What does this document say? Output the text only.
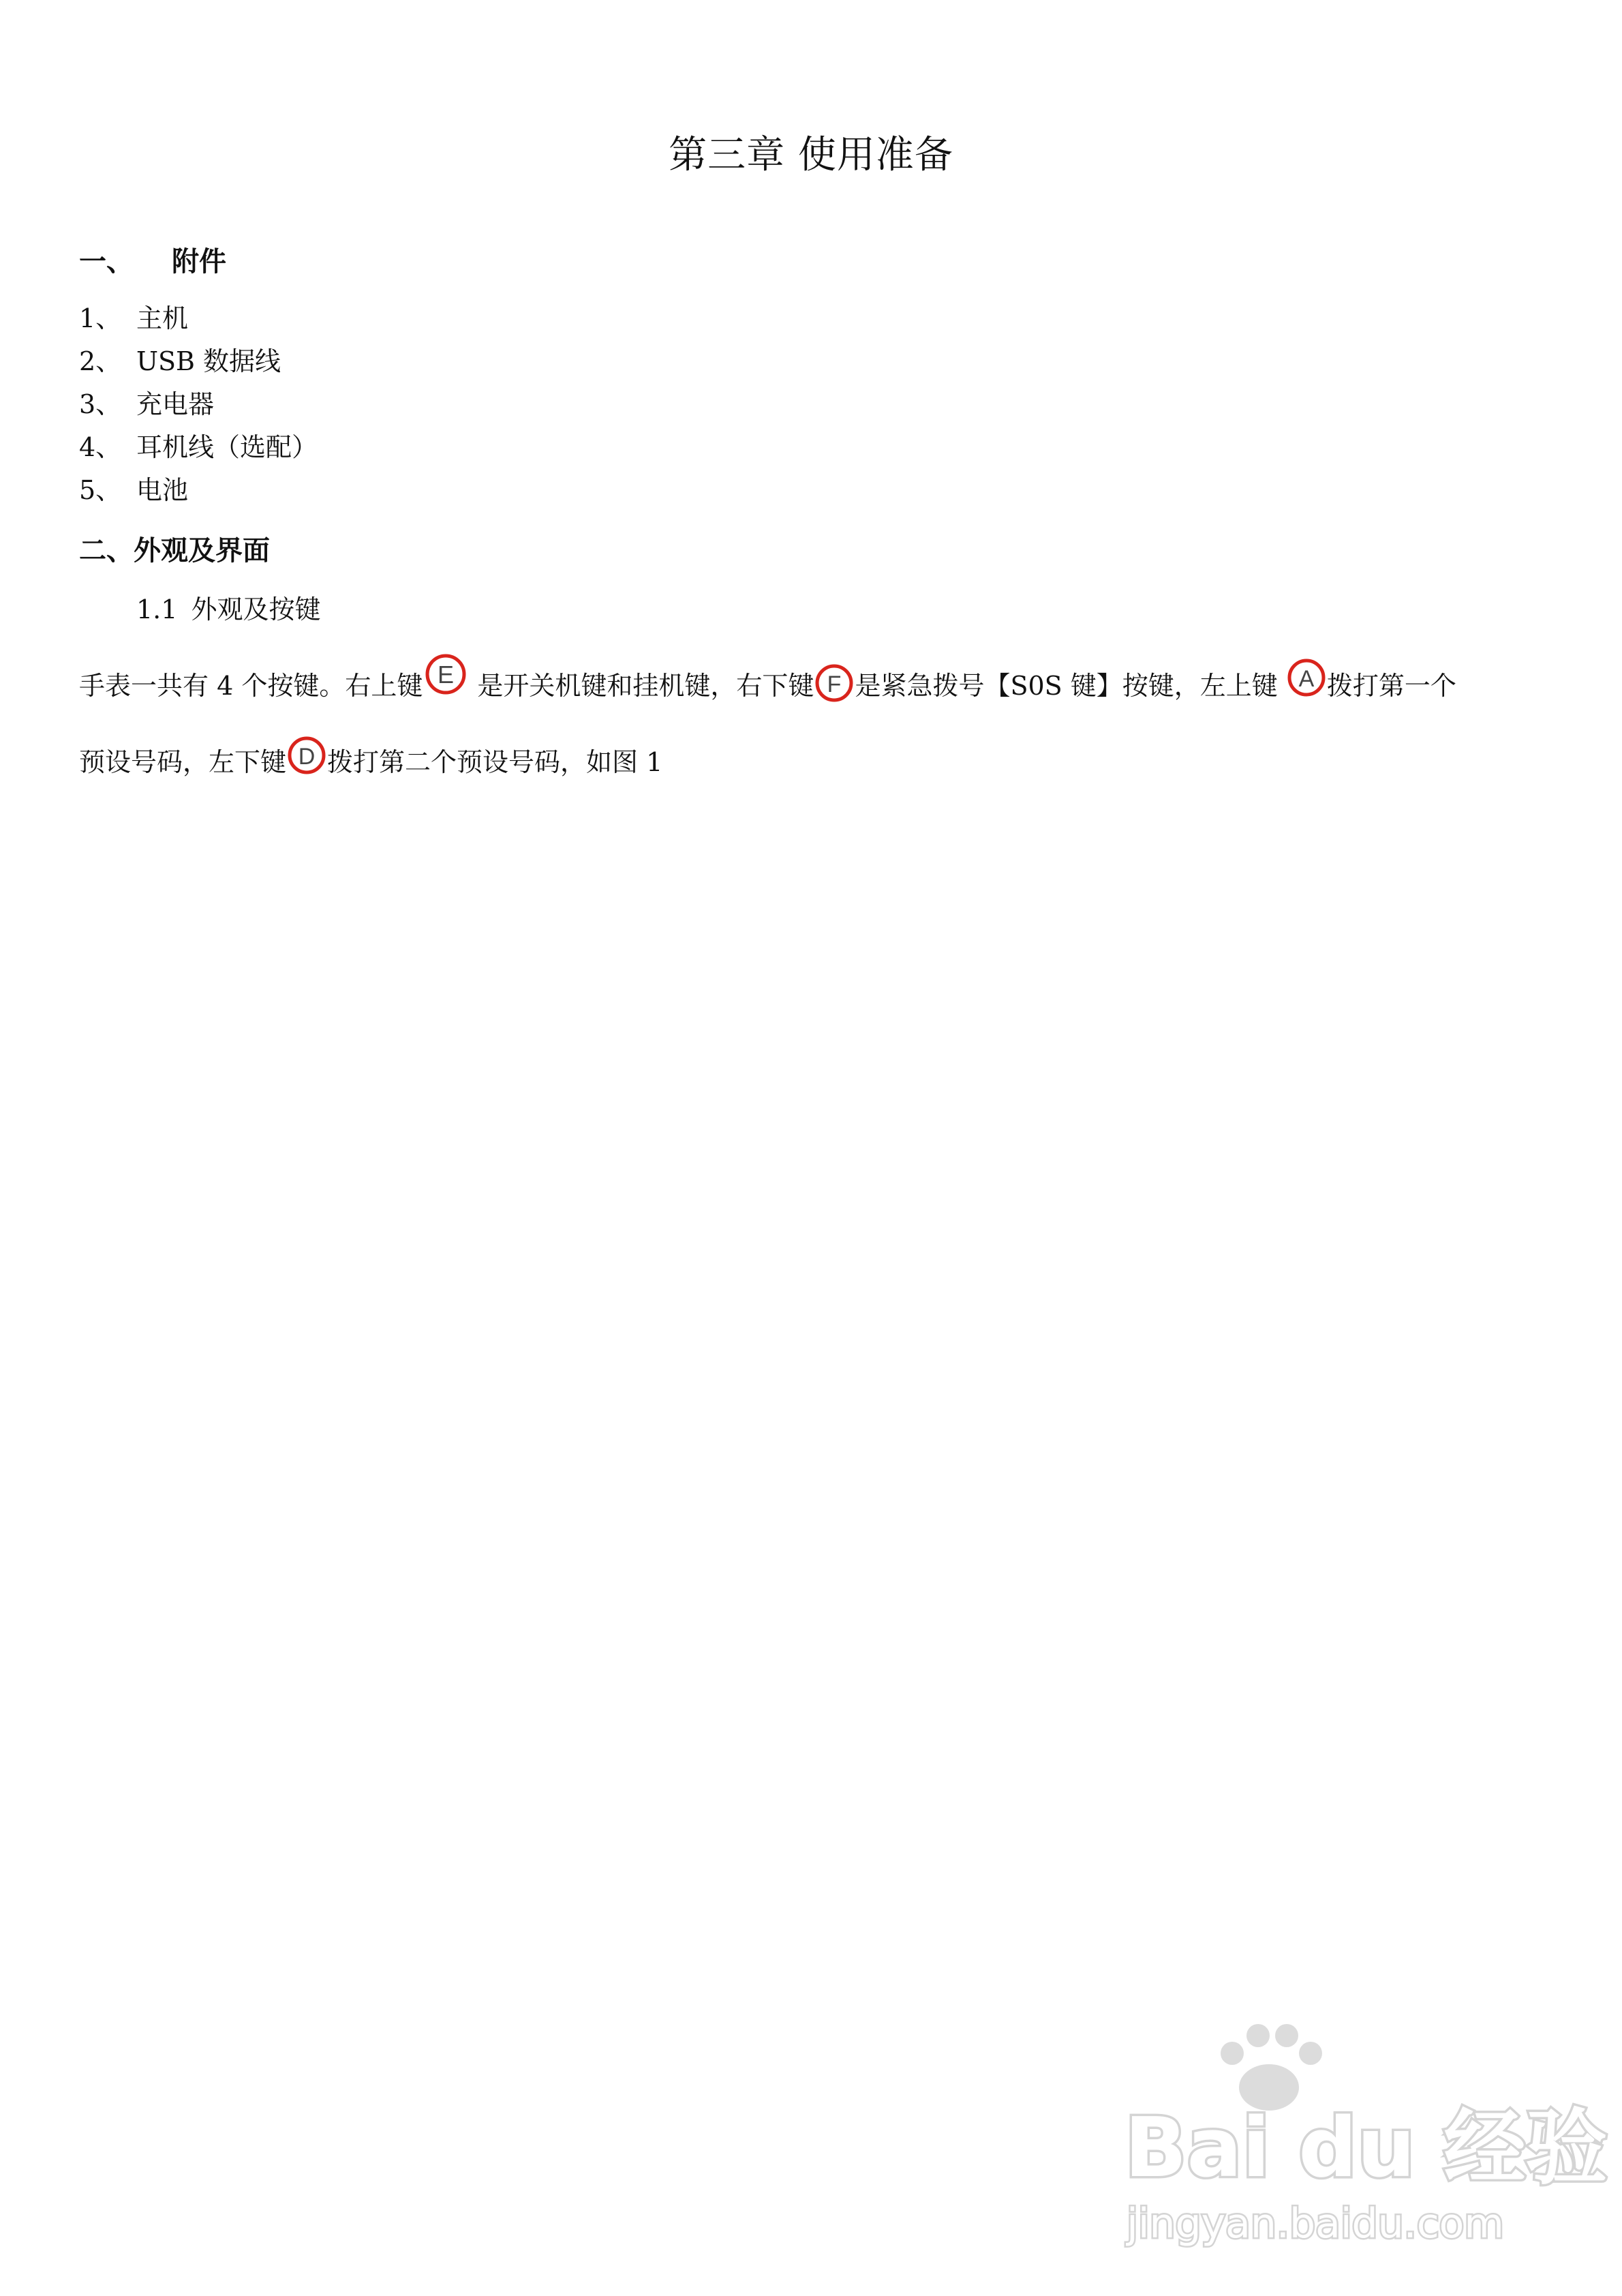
第三章 使用准备
一、 附件
1、 主机
2、 USB 数据线
3、 充电器
4、 耳机线（选配）
5、 电池
二、外观及界面
1.1 外观及按键
手表一共有 4 个按键。右上键 E 是开关机键和挂机键，右下键 F 是紧急拨号【S0S 键】按键，左上键 A 拨打第一个
预设号码，左下键 D 拨打第二个预设号码，如图 1
Bai du 经验
jingyan.baidu.com
